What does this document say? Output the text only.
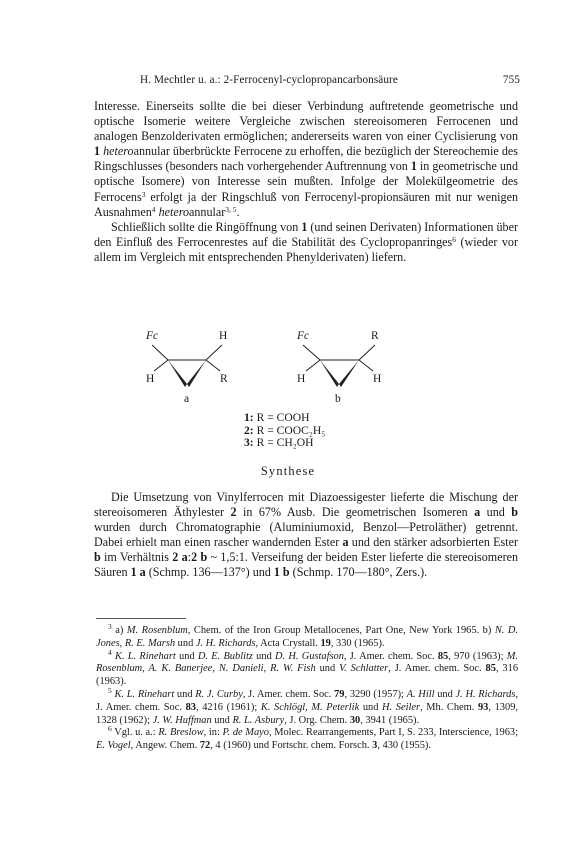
H. Mechtler u. a.: 2-Ferrocenyl-cyclopropancarbonsäure	755

Interesse. Einerseits sollte die bei dieser Verbindung auftretende geometrische und optische Isomerie weitere Vergleiche zwischen stereoisomeren Ferrocenen und analogen Benzolderivaten ermöglichen; andererseits waren von einer Cyclisierung von 1 heteroannular überbrückte Ferrocene zu erhoffen, die bezüglich der Stereochemie des Ringschlusses (besonders nach vorhergehender Auftrennung von 1 in geometrische und optische Isomere) von Interesse sein mußten. Infolge der Molekülgeometrie des Ferrocens$^3$ erfolgt ja der Ringschluß von Ferrocenyl-propionsäuren mit nur wenigen Ausnahmen$^4$ heteroannular$^{3, 5}$.

Schließlich sollte die Ringöffnung von 1 (und seinen Derivaten) Informationen über den Einfluß des Ferrocenrestes auf die Stabilität des Cyclopropanringes$^6$ (wieder vor allem im Vergleich mit entsprechenden Phenylderivaten) liefern.

Fc	H
H	R
a
Fc	R
H	H
b
1: R = COOH
2: R = COOC₂H₅
3: R = CH₂OH
Synthese

Die Umsetzung von Vinylferrocen mit Diazoessigester lieferte die Mischung der stereoisomeren Äthylester 2 in 67% Ausb. Die geometrischen Isomeren a und b wurden durch Chromatographie (Aluminiumoxid, Benzol—Petroläther) getrennt. Dabei erhielt man einen rascher wandernden Ester a und den stärker adsorbierten Ester b im Verhältnis 2 a:2 b ~ 1,5:1. Verseifung der beiden Ester lieferte die stereoisomeren Säuren 1 a (Schmp. 136—137°) und 1 b (Schmp. 170—180°, Zers.).

$^3$ a) M. Rosenblum, Chem. of the Iron Group Metallocenes, Part One, New York 1965. b) N. D. Jones, R. E. Marsh und J. H. Richards, Acta Crystall. 19, 330 (1965).

$^4$ K. L. Rinehart und D. E. Bublitz und D. H. Gustafson, J. Amer. chem. Soc. 85, 970 (1963); M. Rosenblum, A. K. Banerjee, N. Danieli, R. W. Fish und V. Schlatter, J. Amer. chem. Soc. 85, 316 (1963).

$^5$ K. L. Rinehart und R. J. Curby, J. Amer. chem. Soc. 79, 3290 (1957); A. Hill und J. H. Richards, J. Amer. chem. Soc. 83, 4216 (1961); K. Schlögl, M. Peterlik und H. Seiler, Mh. Chem. 93, 1309, 1328 (1962); J. W. Huffman und R. L. Asbury, J. Org. Chem. 30, 3941 (1965).

$^6$ Vgl. u. a.: R. Breslow, in: P. de Mayo, Molec. Rearrangements, Part I, S. 233, Interscience, 1963; E. Vogel, Angew. Chem. 72, 4 (1960) und Fortschr. chem. Forsch. 3, 430 (1955).
